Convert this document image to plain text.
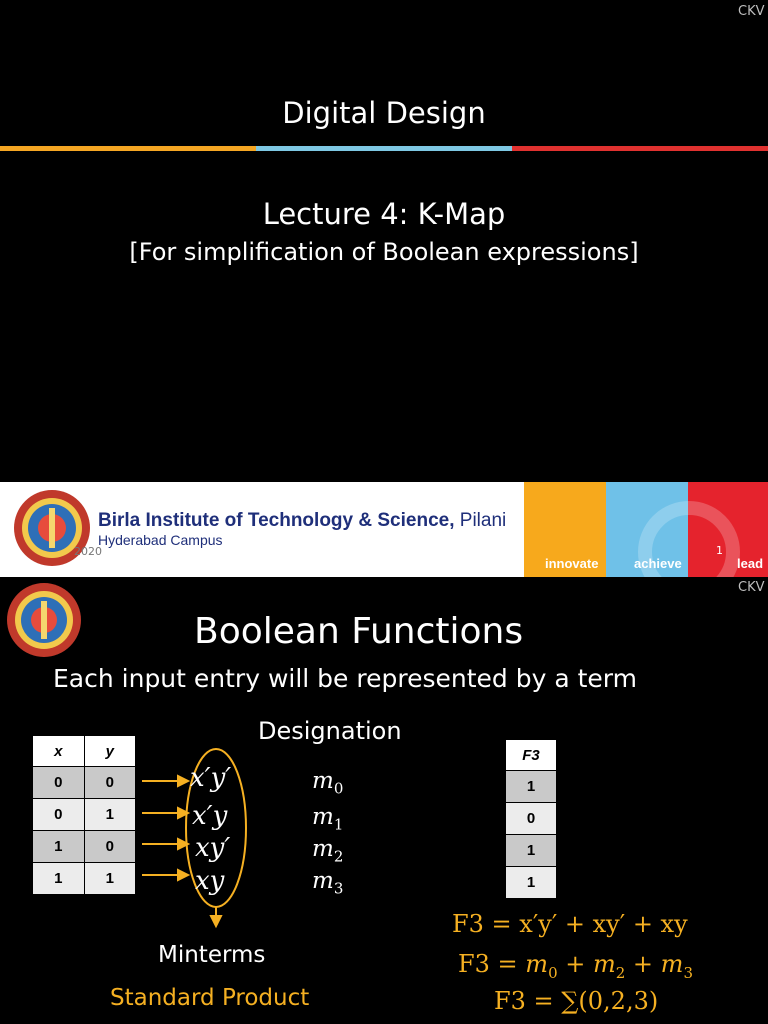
CKV
Digital Design
Lecture 4: K-Map
[For simplification of Boolean expressions]
Birla Institute of Technology & Science, Pilani
Hyderabad Campus
2020
innovate	achieve	lead
1
CKV
Boolean Functions
Each input entry will be represented by a term
Designation
x	y
0	0
0	1
1	0
1	1
x′y′
x′y
xy′
xy
$m_0$
$m_1$
$m_2$
$m_3$
F3
1
0
1
1
Minterms
Standard Product
F3 = x′y′ + xy′ + xy
$F3 = m_0 + m_2 + m_3$
F3 = ∑(0,2,3)
